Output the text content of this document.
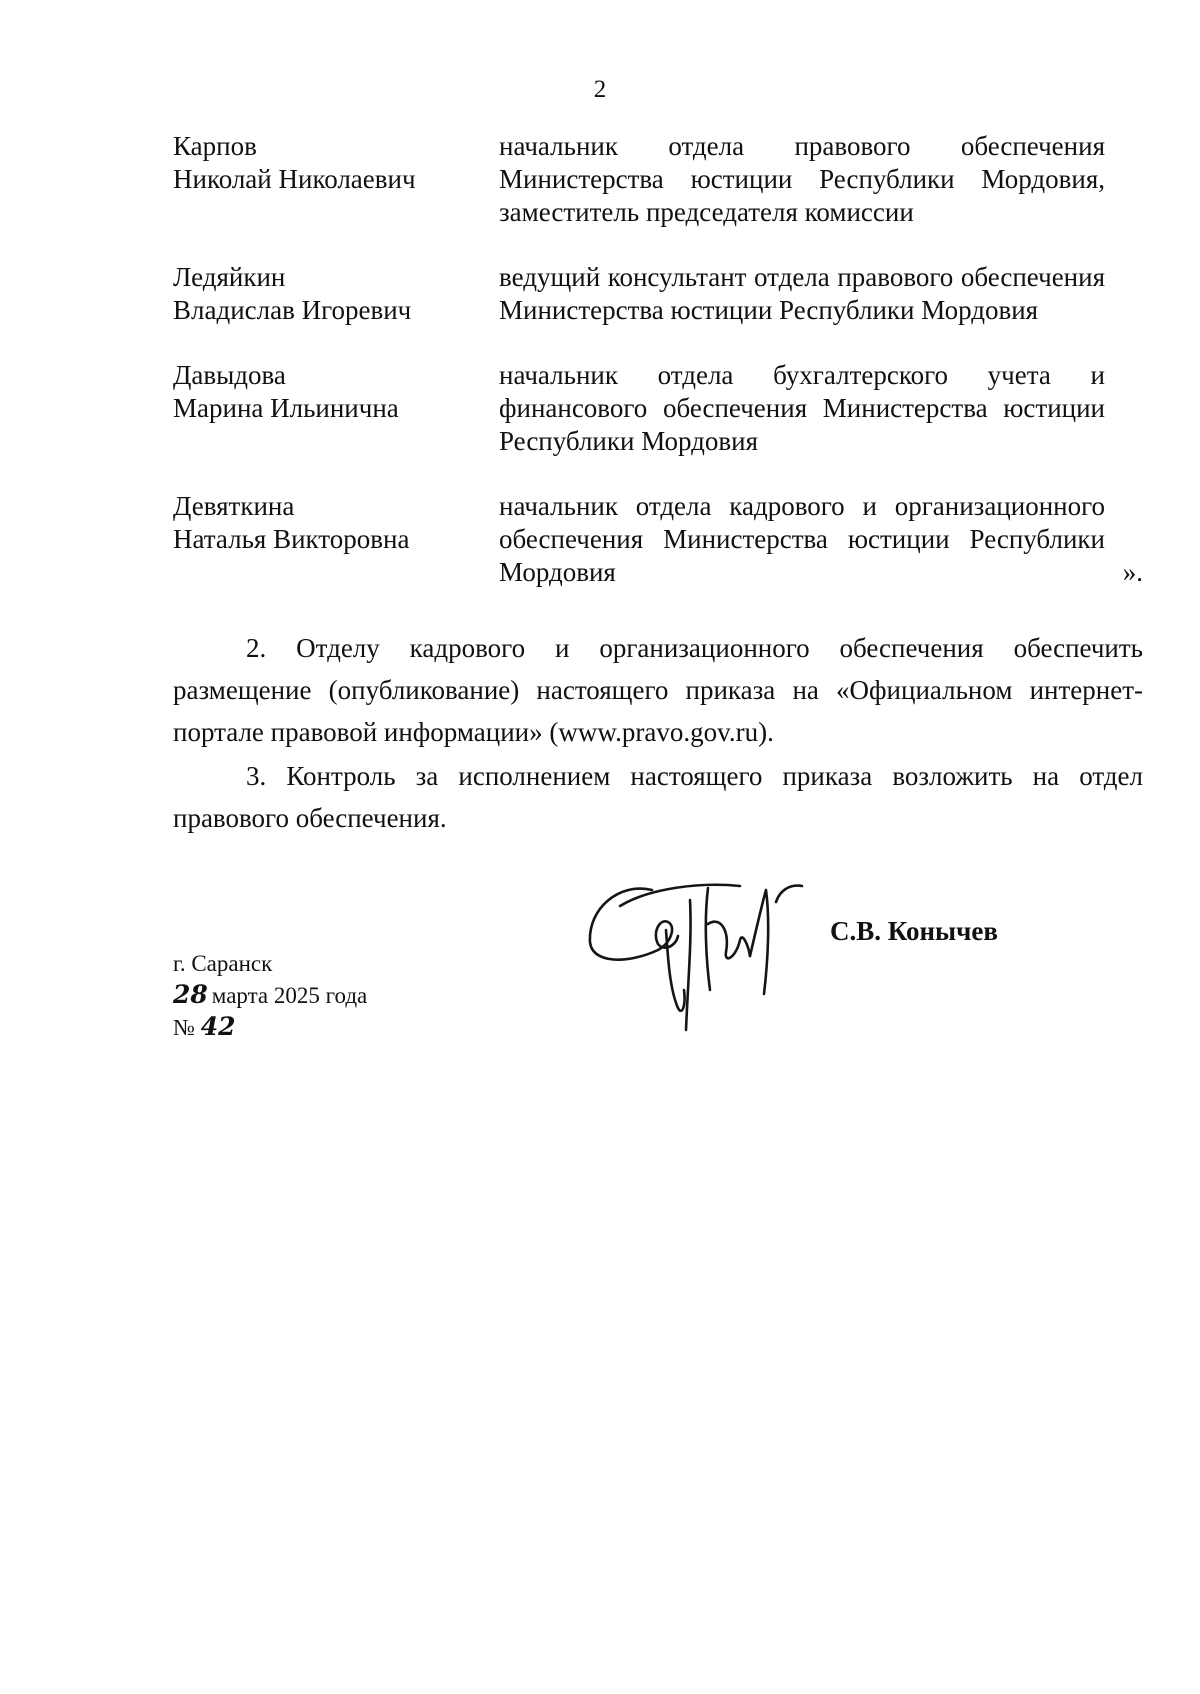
2
Карпов
Николай Николаевич
начальник отдела правового обеспечения Министерства юстиции Республики Мордовия, заместитель председателя комиссии
Ледяйкин
Владислав Игоревич
ведущий консультант отдела правового обеспечения Министерства юстиции Республики Мордовия
Давыдова
Марина Ильинична
начальник отдела бухгалтерского учета и финансового обеспечения Министерства юстиции Республики Мордовия
Девяткина
Наталья Викторовна
начальник отдела кадрового и организационного обеспечения Министерства юстиции Республики Мордовия	».

2. Отделу кадрового и организационного обеспечения обеспечить размещение (опубликование) настоящего приказа на «Официальном интернет-портале правовой информации» (www.pravo.gov.ru).

3. Контроль за исполнением настоящего приказа возложить на отдел правового обеспечения.

С.В. Конычев
г. Саранск
28 марта 2025 года
№ 42
